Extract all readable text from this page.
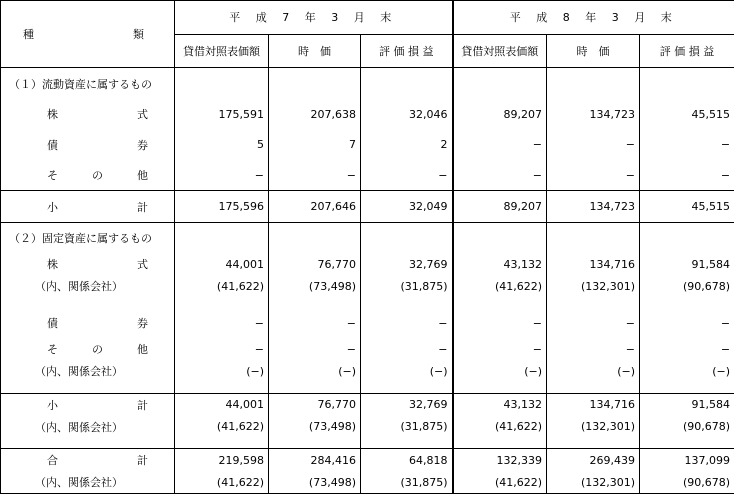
種 類	平 成 7 年 3 月 末			平 成 8 年 3 月 末		
	貸借対照表価額	時　価	評 価 損 益	貸借対照表価額	時　価	評 価 損 益
（１）流動資産に属するもの						

株 式	175,591	207,638	32,046	89,207	134,723	45,515

債 券	5	7	2	−	−	−

そ の 他	−	−	−	−	−	−

小 計	175,596	207,646	32,049	89,207	134,723	45,515
（２）固定資産に属するもの						

株 式	44,001	76,770	32,769	43,132	134,716	91,584
（内、関係会社）	(41,622)	(73,498)	(31,875)	(41,622)	(132,301)	(90,678)

債 券	−	−	−	−	−	−

そ の 他	−	−	−	−	−	−
（内、関係会社）	(−)	(−)	(−)	(−)	(−)	(−)

小 計	44,001	76,770	32,769	43,132	134,716	91,584
（内、関係会社）	(41,622)	(73,498)	(31,875)	(41,622)	(132,301)	(90,678)

合 計	219,598	284,416	64,818	132,339	269,439	137,099
（内、関係会社）	(41,622)	(73,498)	(31,875)	(41,622)	(132,301)	(90,678)
